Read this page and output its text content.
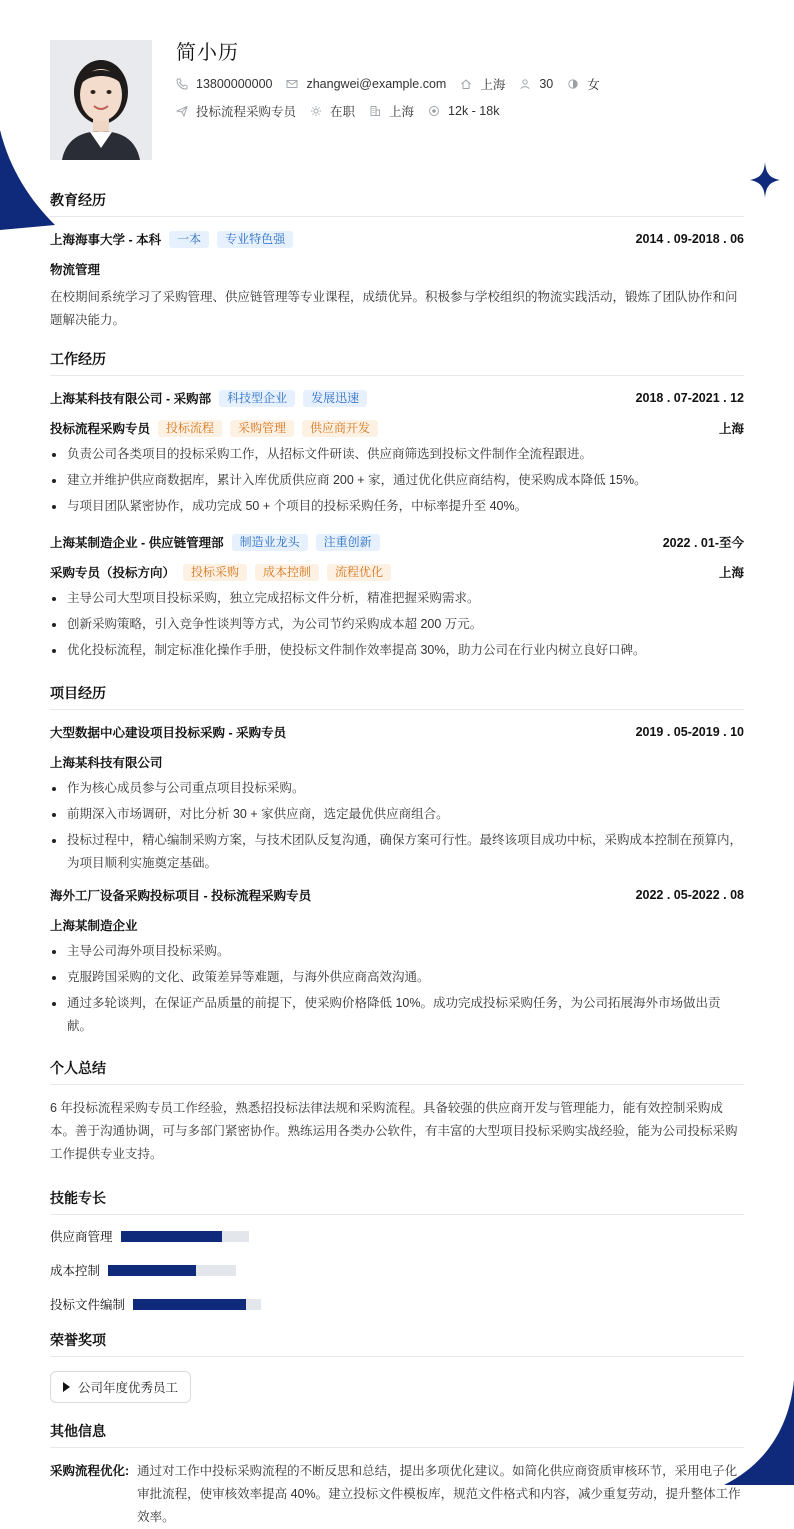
简小历
13800000000	zhangwei@example.com	上海	30	女
投标流程采购专员	在职	上海	12k - 18k
教育经历
上海海事大学 - 本科	一本	专业特色强	2014 . 09-2018 . 06
物流管理
在校期间系统学习了采购管理、供应链管理等专业课程，成绩优异。积极参与学校组织的物流实践活动，锻炼了团队协作和问题解决能力。
工作经历
上海某科技有限公司 - 采购部	科技型企业	发展迅速	2018 . 07-2021 . 12
投标流程采购专员	投标流程	采购管理	供应商开发	上海
负责公司各类项目的投标采购工作，从招标文件研读、供应商筛选到投标文件制作全流程跟进。
建立并维护供应商数据库，累计入库优质供应商 200 + 家，通过优化供应商结构，使采购成本降低 15%。
与项目团队紧密协作，成功完成 50 + 个项目的投标采购任务，中标率提升至 40%。
上海某制造企业 - 供应链管理部	制造业龙头	注重创新	2022 . 01-至今
采购专员（投标方向）	投标采购	成本控制	流程优化	上海
主导公司大型项目投标采购，独立完成招标文件分析，精准把握采购需求。
创新采购策略，引入竞争性谈判等方式，为公司节约采购成本超 200 万元。
优化投标流程，制定标准化操作手册，使投标文件制作效率提高 30%，助力公司在行业内树立良好口碑。
项目经历
大型数据中心建设项目投标采购 - 采购专员	2019 . 05-2019 . 10
上海某科技有限公司
作为核心成员参与公司重点项目投标采购。
前期深入市场调研，对比分析 30 + 家供应商，选定最优供应商组合。
投标过程中，精心编制采购方案，与技术团队反复沟通，确保方案可行性。最终该项目成功中标，采购成本控制在预算内，为项目顺利实施奠定基础。
海外工厂设备采购投标项目 - 投标流程采购专员	2022 . 05-2022 . 08
上海某制造企业
主导公司海外项目投标采购。
克服跨国采购的文化、政策差异等难题，与海外供应商高效沟通。
通过多轮谈判，在保证产品质量的前提下，使采购价格降低 10%。成功完成投标采购任务，为公司拓展海外市场做出贡献。
个人总结
6 年投标流程采购专员工作经验，熟悉招投标法律法规和采购流程。具备较强的供应商开发与管理能力，能有效控制采购成本。善于沟通协调，可与多部门紧密协作。熟练运用各类办公软件，有丰富的大型项目投标采购实战经验，能为公司投标采购工作提供专业支持。
技能专长
供应商管理
成本控制
投标文件编制
荣誉奖项
公司年度优秀员工
其他信息
采购流程优化: 通过对工作中投标采购流程的不断反思和总结，提出多项优化建议。如简化供应商资质审核环节，采用电子化审批流程，使审核效率提高 40%。建立投标文件模板库，规范文件格式和内容，减少重复劳动，提升整体工作效率。
